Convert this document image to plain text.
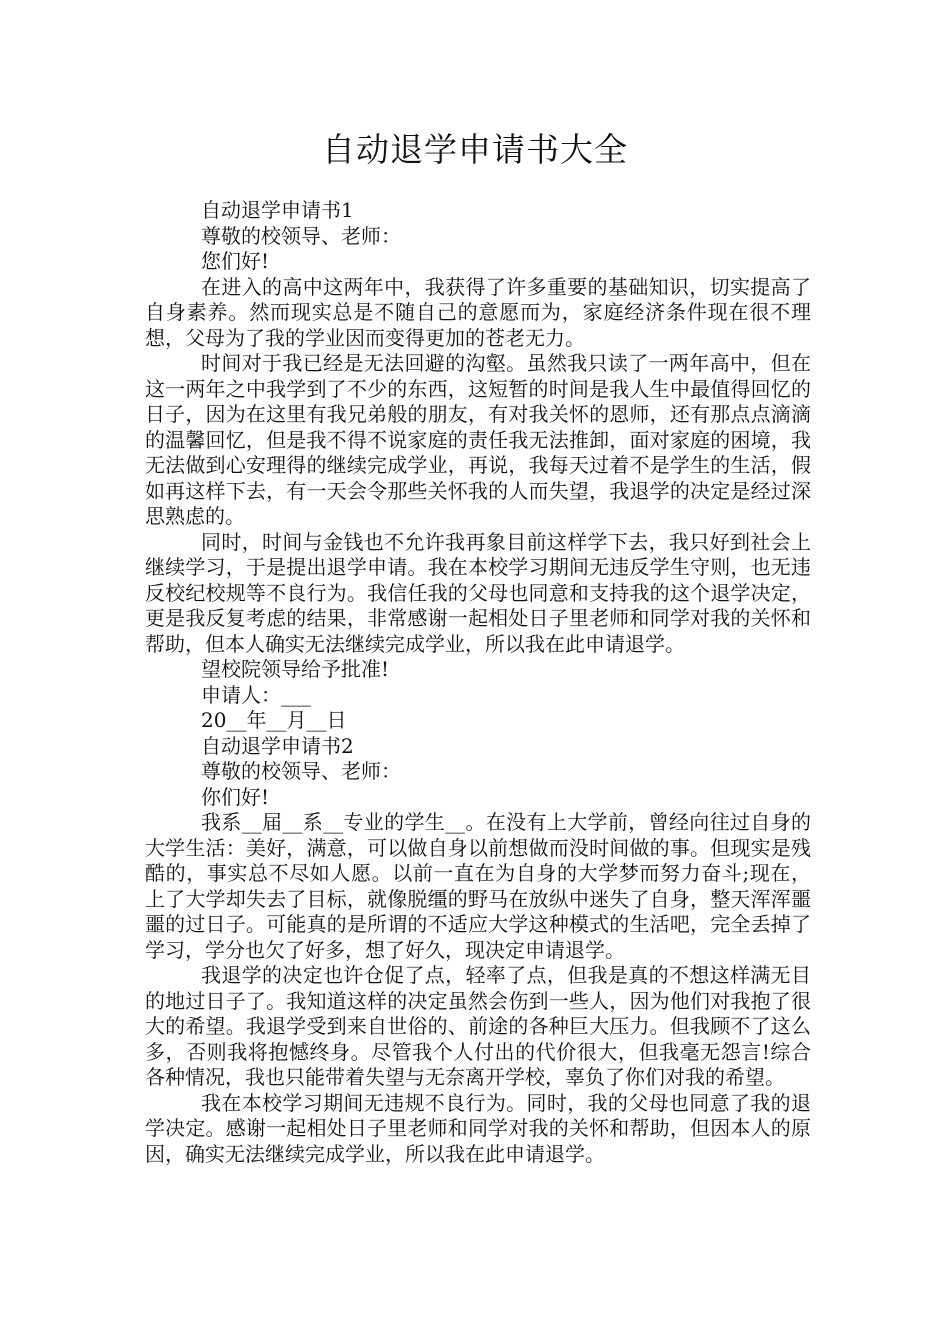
自动退学申请书大全

自动退学申请书1

尊敬的校领导、老师：

您们好!

在进入的高中这两年中，我获得了许多重要的基础知识，切实提高了自身素养。然而现实总是不随自己的意愿而为，家庭经济条件现在很不理想，父母为了我的学业因而变得更加的苍老无力。

时间对于我已经是无法回避的沟壑。虽然我只读了一两年高中，但在这一两年之中我学到了不少的东西，这短暂的时间是我人生中最值得回忆的日子，因为在这里有我兄弟般的朋友，有对我关怀的恩师，还有那点点滴滴的温馨回忆，但是我不得不说家庭的责任我无法推卸，面对家庭的困境，我无法做到心安理得的继续完成学业，再说，我每天过着不是学生的生活，假如再这样下去，有一天会令那些关怀我的人而失望，我退学的决定是经过深思熟虑的。

同时，时间与金钱也不允许我再象目前这样学下去，我只好到社会上继续学习，于是提出退学申请。我在本校学习期间无违反学生守则，也无违反校纪校规等不良行为。我信任我的父母也同意和支持我的这个退学决定，更是我反复考虑的结果，非常感谢一起相处日子里老师和同学对我的关怀和帮助，但本人确实无法继续完成学业，所以我在此申请退学。

望校院领导给予批准!

申请人：___

20__年__月__日

自动退学申请书2

尊敬的校领导、老师：

你们好!

我系__届__系__专业的学生__。在没有上大学前，曾经向往过自身的大学生活：美好，满意，可以做自身以前想做而没时间做的事。但现实是残酷的，事实总不尽如人愿。以前一直在为自身的大学梦而努力奋斗;现在，上了大学却失去了目标，就像脱缰的野马在放纵中迷失了自身，整天浑浑噩噩的过日子。可能真的是所谓的不适应大学这种模式的生活吧，完全丢掉了学习，学分也欠了好多，想了好久，现决定申请退学。

我退学的决定也许仓促了点，轻率了点，但我是真的不想这样满无目的地过日子了。我知道这样的决定虽然会伤到一些人，因为他们对我抱了很大的希望。我退学受到来自世俗的、前途的各种巨大压力。但我顾不了这么多，否则我将抱憾终身。尽管我个人付出的代价很大，但我毫无怨言!综合各种情况，我也只能带着失望与无奈离开学校，辜负了你们对我的希望。

我在本校学习期间无违规不良行为。同时，我的父母也同意了我的退学决定。感谢一起相处日子里老师和同学对我的关怀和帮助，但因本人的原因，确实无法继续完成学业，所以我在此申请退学。
